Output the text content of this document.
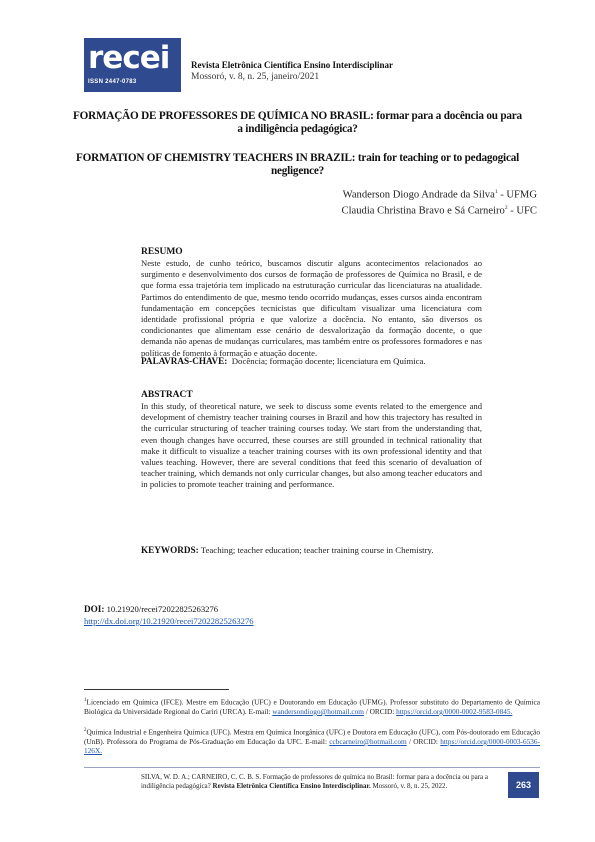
recei
ISSN 2447-0783
Revista Eletrônica Científica Ensino Interdisciplinar
Mossoró, v. 8, n. 25, janeiro/2021
FORMAÇÃO DE PROFESSORES DE QUÍMICA NO BRASIL: formar para a docência ou para a indiligência pedagógica?
FORMATION OF CHEMISTRY TEACHERS IN BRAZIL: train for teaching or to pedagogical negligence?
Wanderson Diogo Andrade da Silva$^1$ - UFMG
Claudia Christina Bravo e Sá Carneiro$^2$ - UFC
RESUMO
Neste estudo, de cunho teórico, buscamos discutir alguns acontecimentos relacionados ao surgimento e desenvolvimento dos cursos de formação de professores de Química no Brasil, e de que forma essa trajetória tem implicado na estruturação curricular das licenciaturas na atualidade. Partimos do entendimento de que, mesmo tendo ocorrido mudanças, esses cursos ainda encontram fundamentação em concepções tecnicistas que dificultam visualizar uma licenciatura com identidade profissional própria e que valorize a docência. No entanto, são diversos os condicionantes que alimentam esse cenário de desvalorização da formação docente, o que demanda não apenas de mudanças curriculares, mas também entre os professores formadores e nas políticas de fomento à formação e atuação docente.
PALAVRAS-CHAVE: Docência; formação docente; licenciatura em Química.
ABSTRACT
In this study, of theoretical nature, we seek to discuss some events related to the emergence and development of chemistry teacher training courses in Brazil and how this trajectory has resulted in the curricular structuring of teacher training courses today. We start from the understanding that, even though changes have occurred, these courses are still grounded in technical rationality that make it difficult to visualize a teacher training courses with its own professional identity and that values teaching. However, there are several conditions that feed this scenario of devaluation of teacher training, which demands not only curricular changes, but also among teacher educators and in policies to promote teacher training and performance.
KEYWORDS: Teaching; teacher education; teacher training course in Chemistry.
DOI: 10.21920/recei72022825263276
http://dx.doi.org/10.21920/recei72022825263276
$^1$Licenciado em Química (IFCE). Mestre em Educação (UFC) e Doutorando em Educação (UFMG). Professor substituto do Departamento de Química Biológica da Universidade Regional do Cariri (URCA). E-mail: wandersondiogo@hotmail.com / ORCID: https://orcid.org/0000-0002-9583-0845.
$^2$Química Industrial e Engenheira Química (UFC). Mestra em Química Inorgânica (UFC) e Doutora em Educação (UFC), com Pós-doutorado em Educação (UnB). Professora do Programa de Pós-Graduação em Educação da UFC. E-mail: ccbcarneiro@hotmail.com / ORCID: https://orcid.org/0000-0003-6536-126X.
SILVA, W. D. A.; CARNEIRO, C. C. B. S. Formação de professores de química no Brasil: formar para a docência ou para a indiligência pedagógica? Revista Eletrônica Científica Ensino Interdisciplinar. Mossoró, v. 8, n. 25, 2022.	263
